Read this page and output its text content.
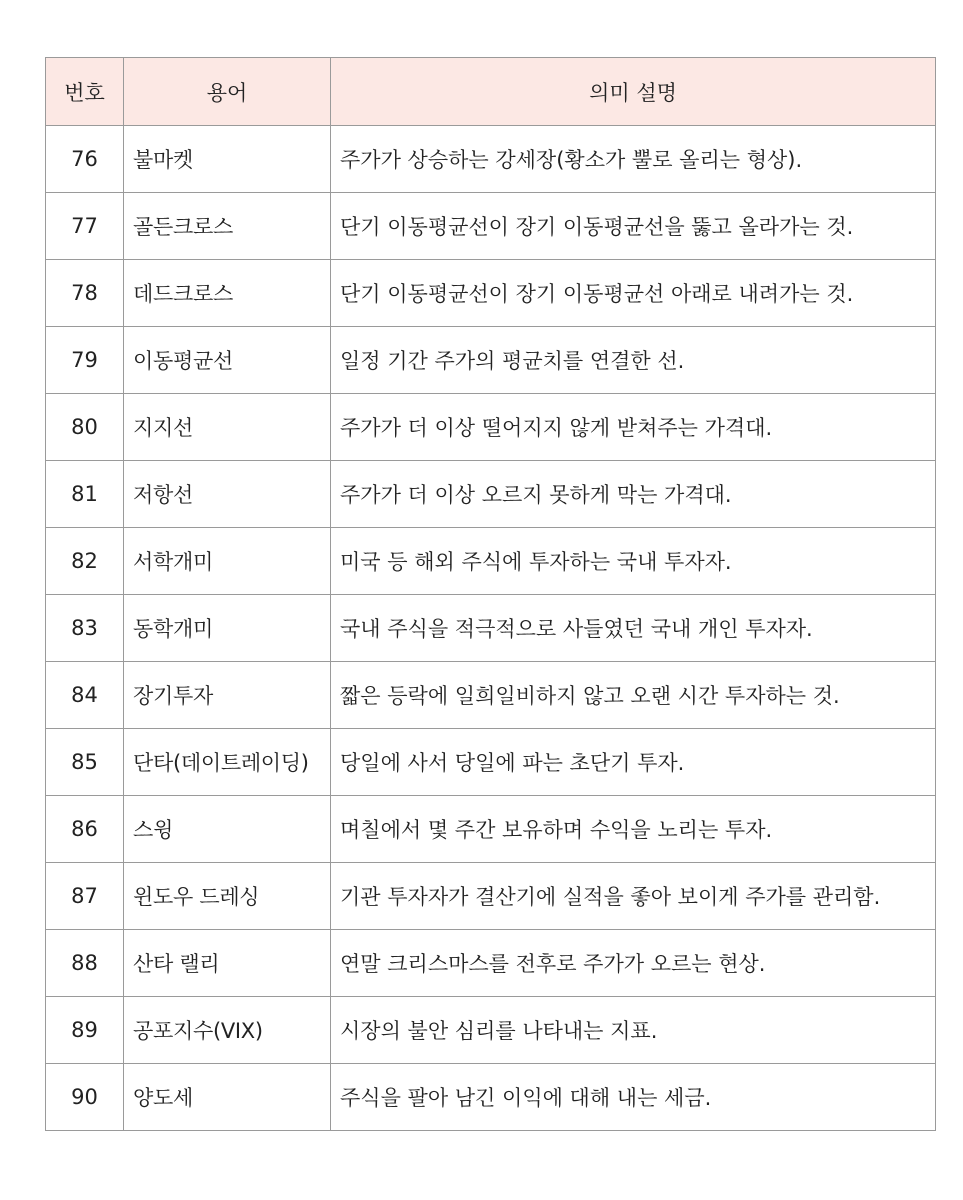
번호	용어	의미 설명
76	불마켓	주가가 상승하는 강세장(황소가 뿔로 올리는 형상).
77	골든크로스	단기 이동평균선이 장기 이동평균선을 뚫고 올라가는 것.
78	데드크로스	단기 이동평균선이 장기 이동평균선 아래로 내려가는 것.
79	이동평균선	일정 기간 주가의 평균치를 연결한 선.
80	지지선	주가가 더 이상 떨어지지 않게 받쳐주는 가격대.
81	저항선	주가가 더 이상 오르지 못하게 막는 가격대.
82	서학개미	미국 등 해외 주식에 투자하는 국내 투자자.
83	동학개미	국내 주식을 적극적으로 사들였던 국내 개인 투자자.
84	장기투자	짧은 등락에 일희일비하지 않고 오랜 시간 투자하는 것.
85	단타(데이트레이딩)	당일에 사서 당일에 파는 초단기 투자.
86	스윙	며칠에서 몇 주간 보유하며 수익을 노리는 투자.
87	윈도우 드레싱	기관 투자자가 결산기에 실적을 좋아 보이게 주가를 관리함.
88	산타 랠리	연말 크리스마스를 전후로 주가가 오르는 현상.
89	공포지수(VIX)	시장의 불안 심리를 나타내는 지표.
90	양도세	주식을 팔아 남긴 이익에 대해 내는 세금.
